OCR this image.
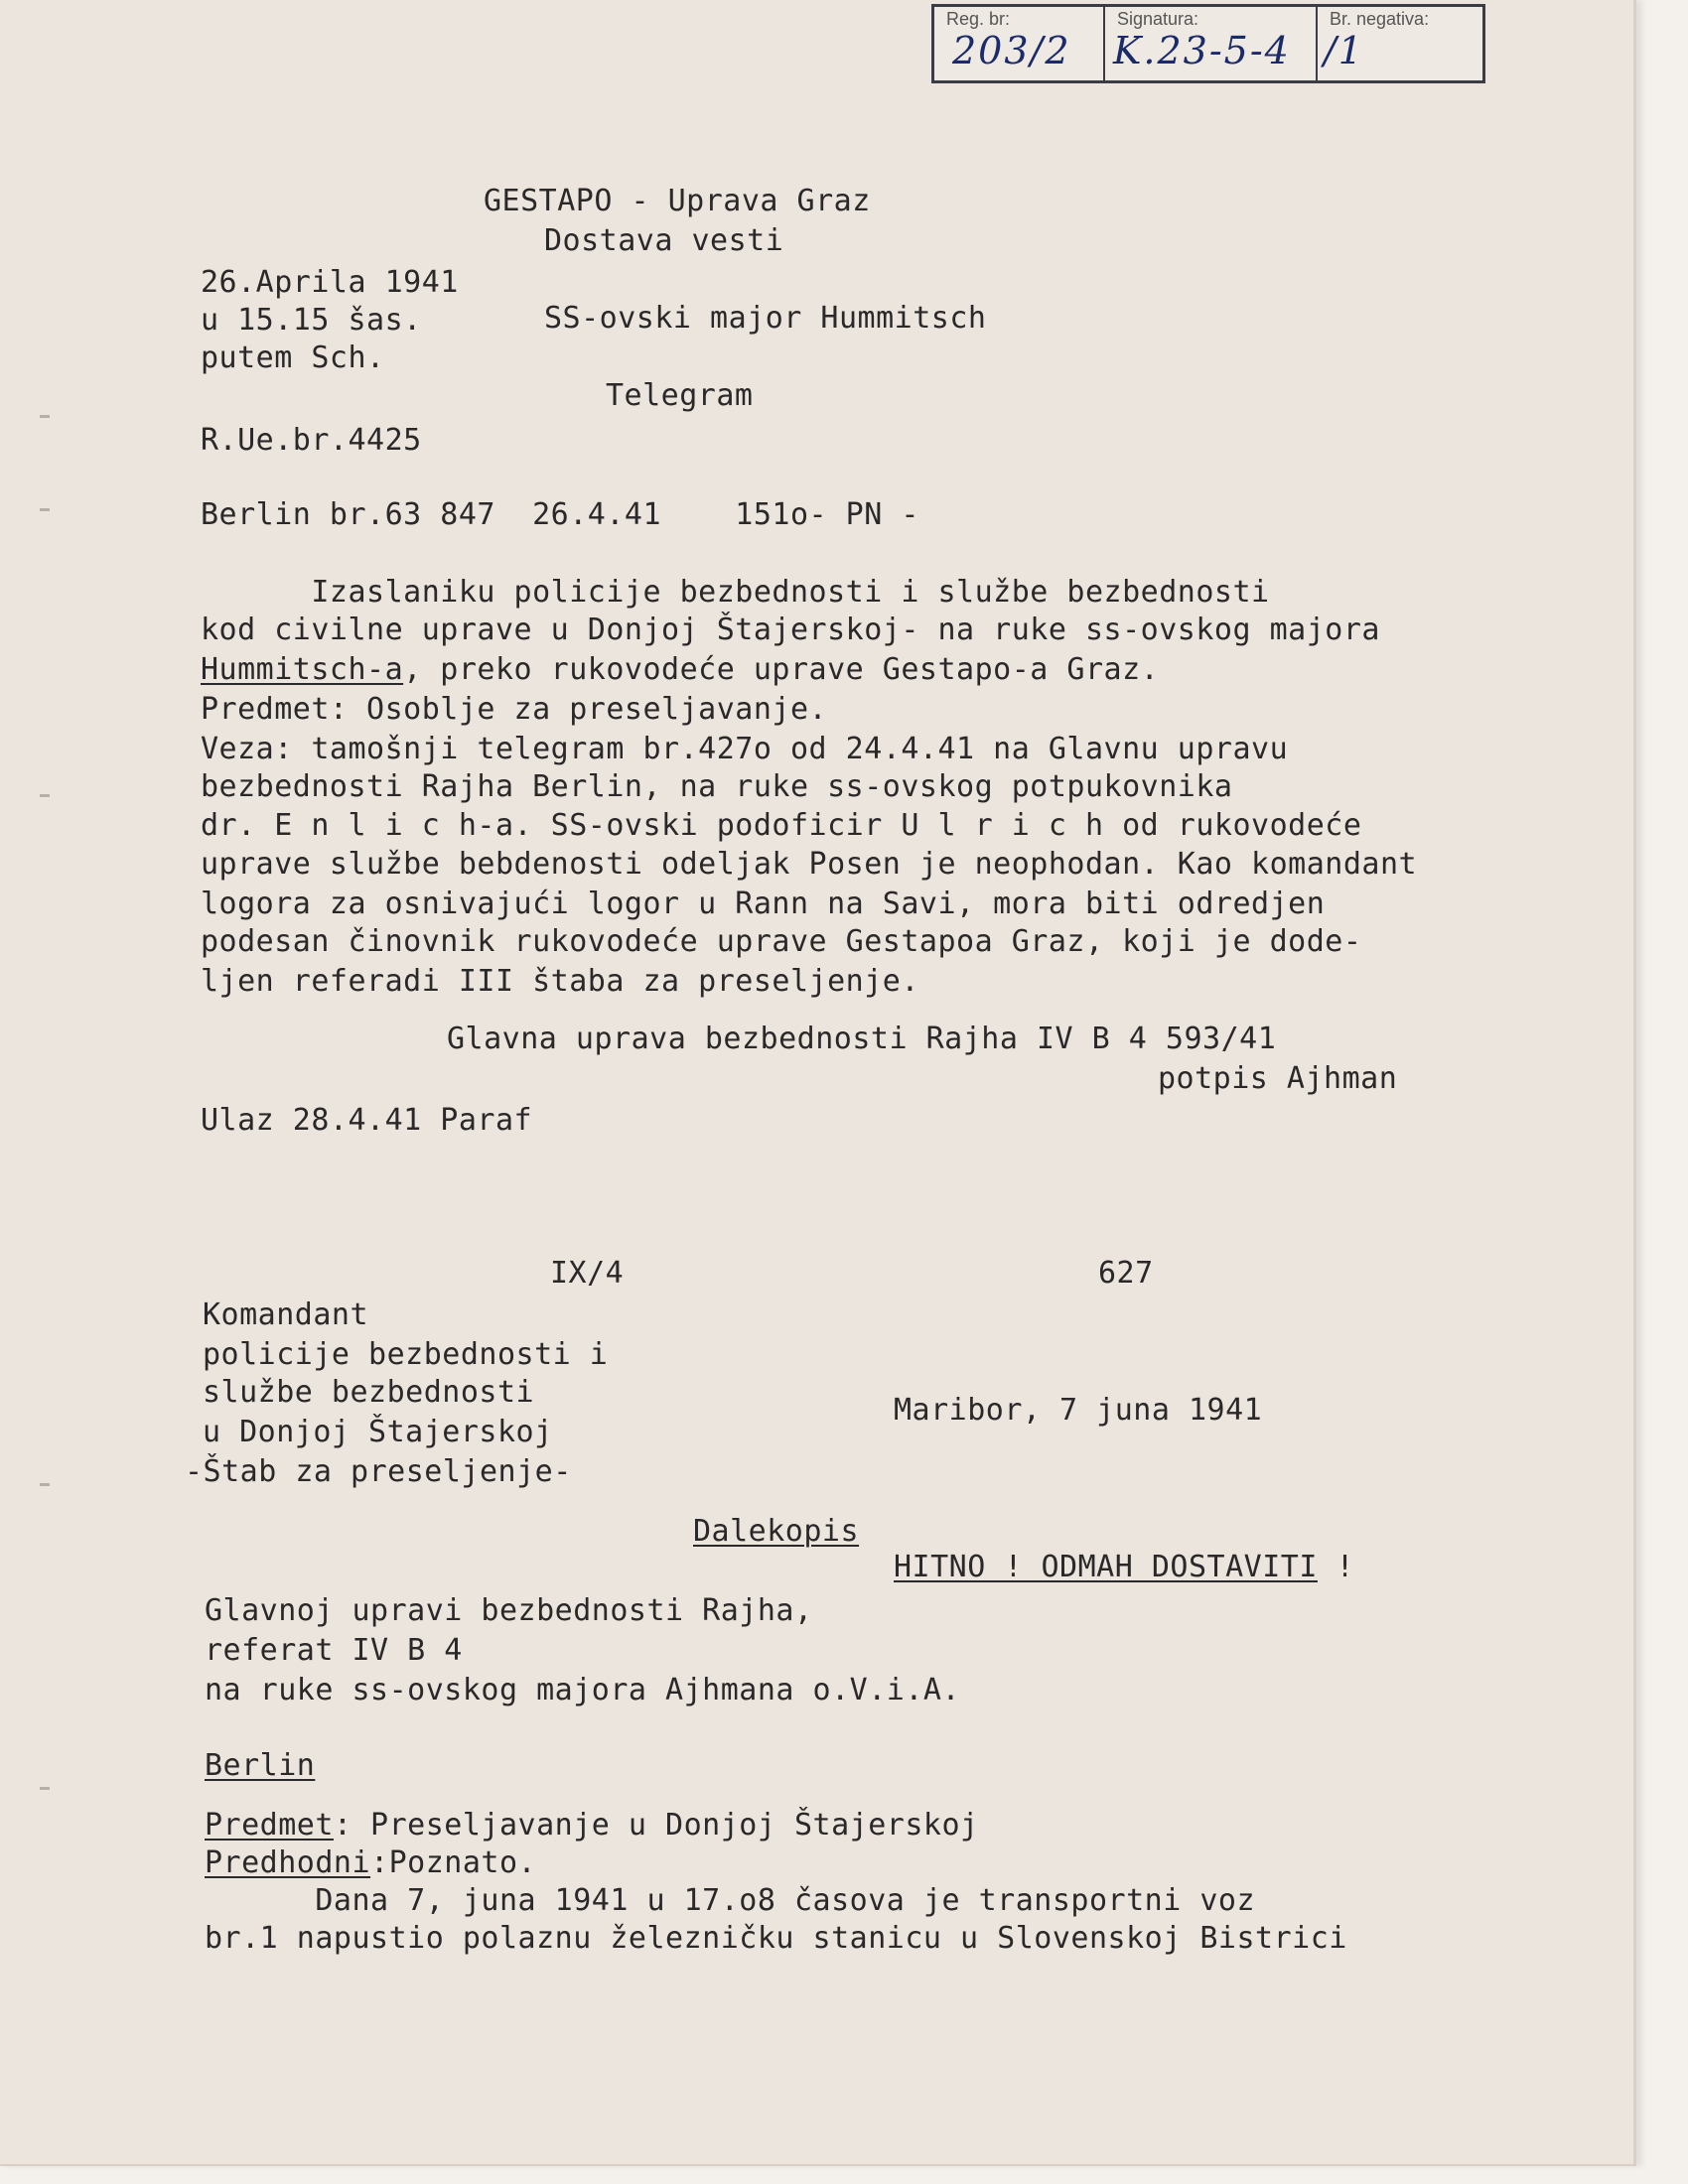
Reg. br:
203/2
Signatura:
K.23-5-4
Br. negativa:
/1
GESTAPO - Uprava Graz
Dostava vesti
26.Aprila 1941
u 15.15 šas.
putem Sch.
SS-ovski major Hummitsch
Telegram
R.Ue.br.4425
Berlin br.63 847  26.4.41    151o- PN -
Izaslaniku policije bezbednosti i službe bezbednosti
kod civilne uprave u Donjoj Štajerskoj- na ruke ss-ovskog majora
Hummitsch-a, preko rukovodeće uprave Gestapo-a Graz.
Predmet: Osoblje za preseljavanje.
Veza: tamošnji telegram br.427o od 24.4.41 na Glavnu upravu
bezbednosti Rajha Berlin, na ruke ss-ovskog potpukovnika
dr. E n l i c h-a. SS-ovski podoficir U l r i c h od rukovodeće
uprave službe bebdenosti odeljak Posen je neophodan. Kao komandant
logora za osnivajući logor u Rann na Savi, mora biti odredjen
podesan činovnik rukovodeće uprave Gestapoa Graz, koji je dode-
ljen referadi III štaba za preseljenje.
Glavna uprava bezbednosti Rajha IV B 4 593/41
potpis Ajhman
Ulaz 28.4.41 Paraf
IX/4	627
Komandant
policije bezbednosti i
službe bezbednosti
u Donjoj Štajerskoj
-Štab za preseljenje-
Maribor, 7 juna 1941
Dalekopis
HITNO ! ODMAH DOSTAVITI !
Glavnoj upravi bezbednosti Rajha,
referat IV B 4
na ruke ss-ovskog majora Ajhmana o.V.i.A.
Berlin
Predmet: Preseljavanje u Donjoj Štajerskoj
Predhodni:Poznato.
Dana 7, juna 1941 u 17.o8 časova je transportni voz
br.1 napustio polaznu železničku stanicu u Slovenskoj Bistrici
